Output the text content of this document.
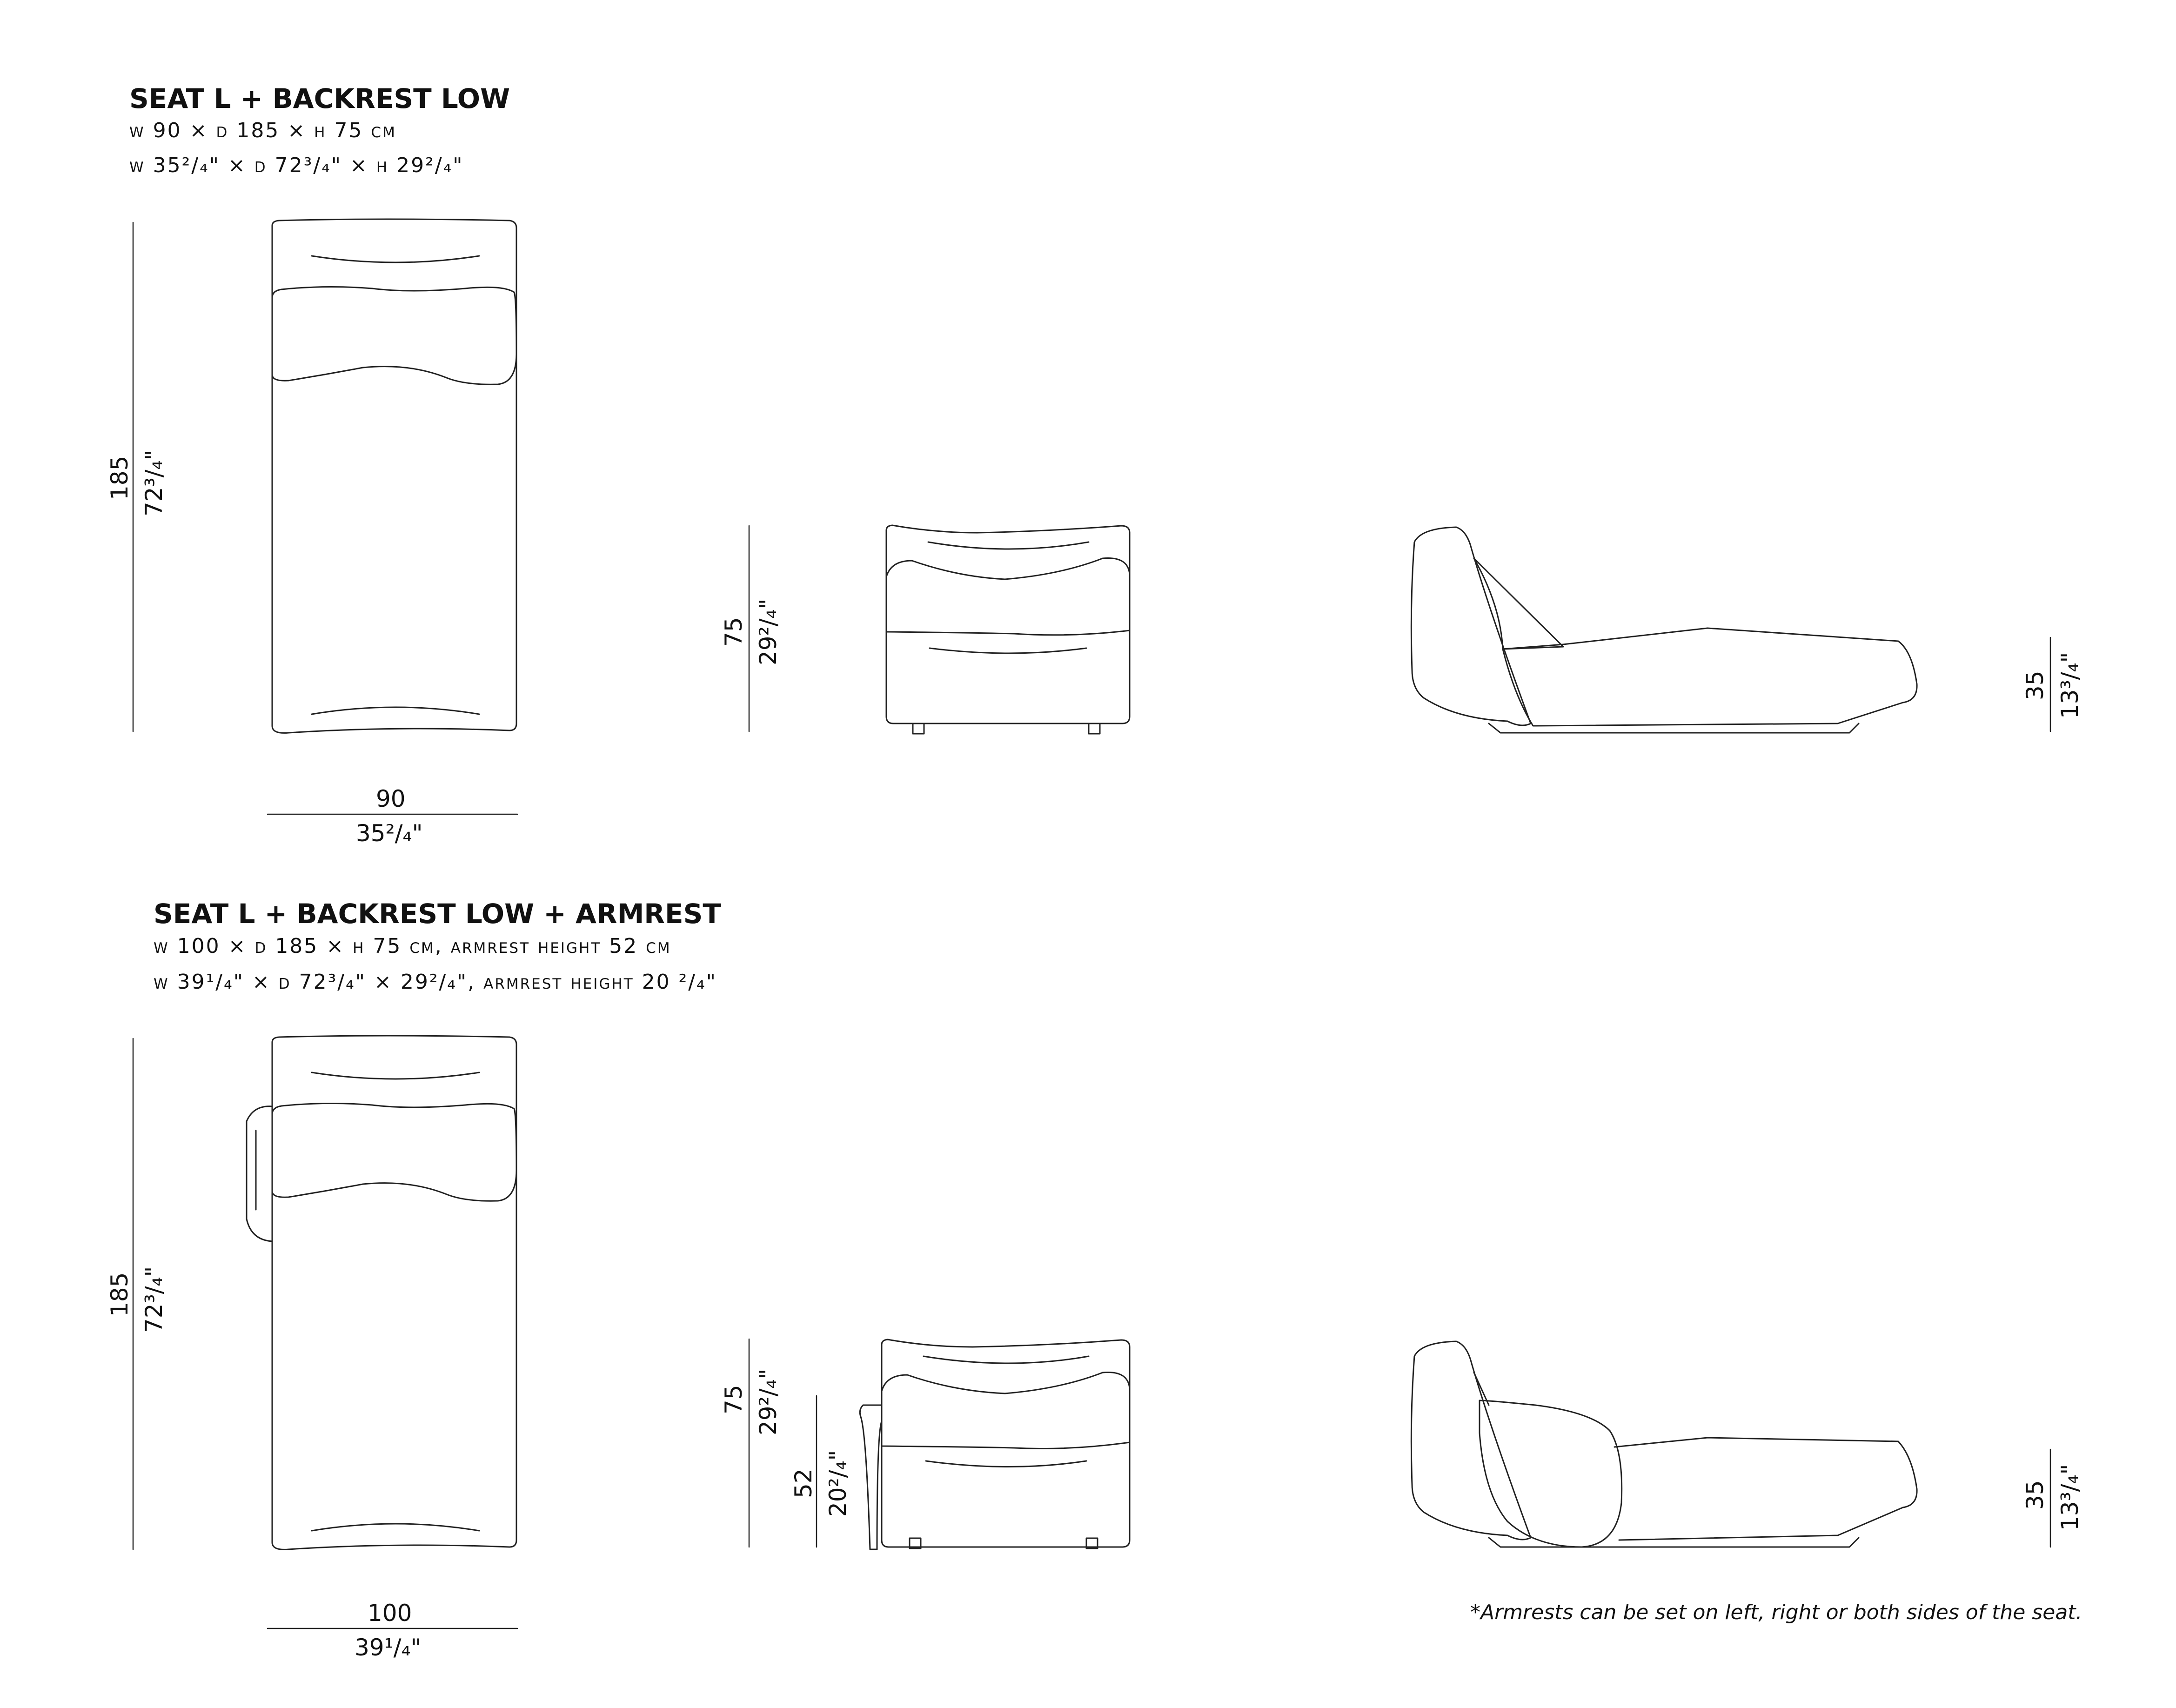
SEAT L + BACKREST LOW
w 90 × d 185 × h 75 cm
w 35²/₄" × d 72³/₄" × h 29²/₄"
185 72³/₄"
90
35²/₄"
75 29²/₄"
35 13³/₄"
SEAT L + BACKREST LOW + ARMREST
w 100 × d 185 × h 75 cm, armrest height 52 cm
w 39¹/₄" × d 72³/₄" × 29²/₄", armrest height 20 ²/₄"
185 72³/₄"
100
39¹/₄"
75 29²/₄"
52 20²/₄"	35 13³/₄"
*Armrests can be set on left, right or both sides of the seat.
